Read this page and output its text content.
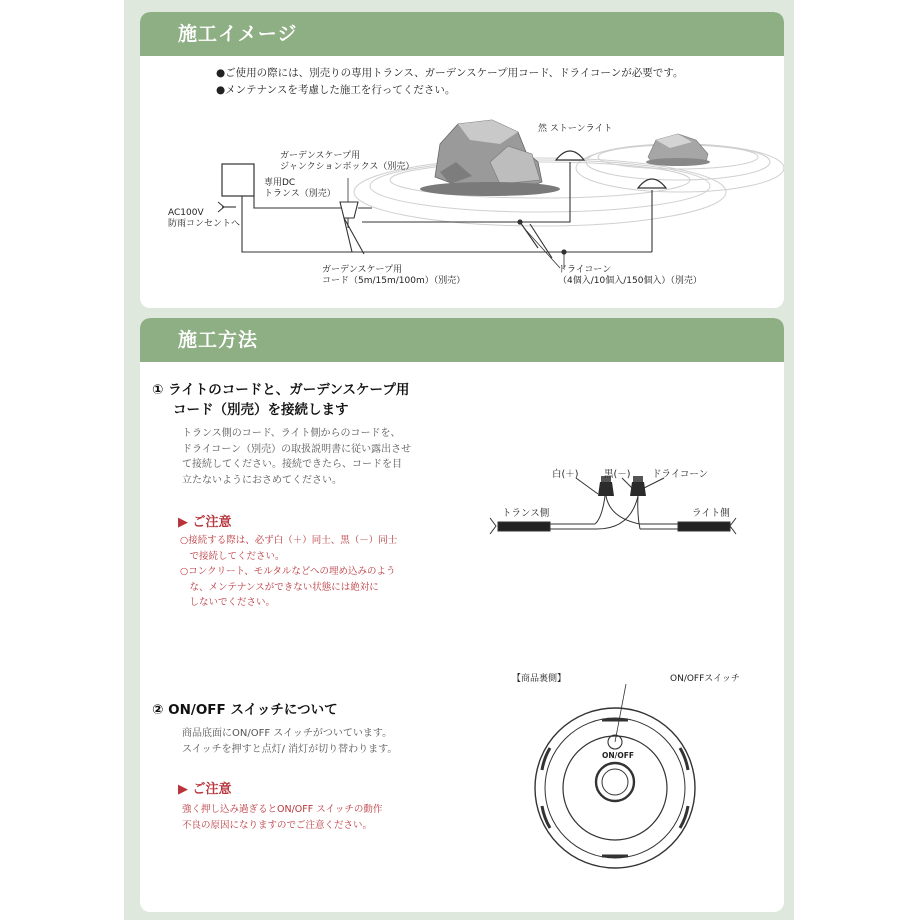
施工イメージ
●ご使用の際には、別売りの専用トランス、ガーデンスケープ用コード、ドライコーンが必要です。
●メンテナンスを考慮した施工を行ってください。
然 ストーンライト
ガーデンスケープ用
ジャンクションボックス（別売）
専用DC
トランス（別売）
AC100V
防雨コンセントへ
ガーデンスケープ用
コード（5m/15m/100m）（別売）
ドライコーン
（4個入/10個入/150個入）（別売）
施工方法
① ライトのコードと、ガーデンスケープ用
コード（別売）を接続します
トランス側のコード、ライト側からのコードを、
ドライコーン（別売）の取扱説明書に従い露出させ
て接続してください。接続できたら、コードを目
立たないようにおさめてください。
▶ ご注意
○接続する際は、必ず白（＋）同士、黒（－）同士
　で接続してください。
○コンクリート、モルタルなどへの埋め込みのよう
　な、メンテナンスができない状態には絶対に
　しないでください。
白(＋)	黒(－) ドライコーン
トランス側	ライト側
② ON/OFF スイッチについて
商品底面にON/OFF スイッチがついています。
スイッチを押すと点灯/ 消灯が切り替わります。
▶ ご注意
強く押し込み過ぎるとON/OFF スイッチの動作
不良の原因になりますのでご注意ください。
【商品裏側】	ON/OFFスイッチ
ON/OFF
